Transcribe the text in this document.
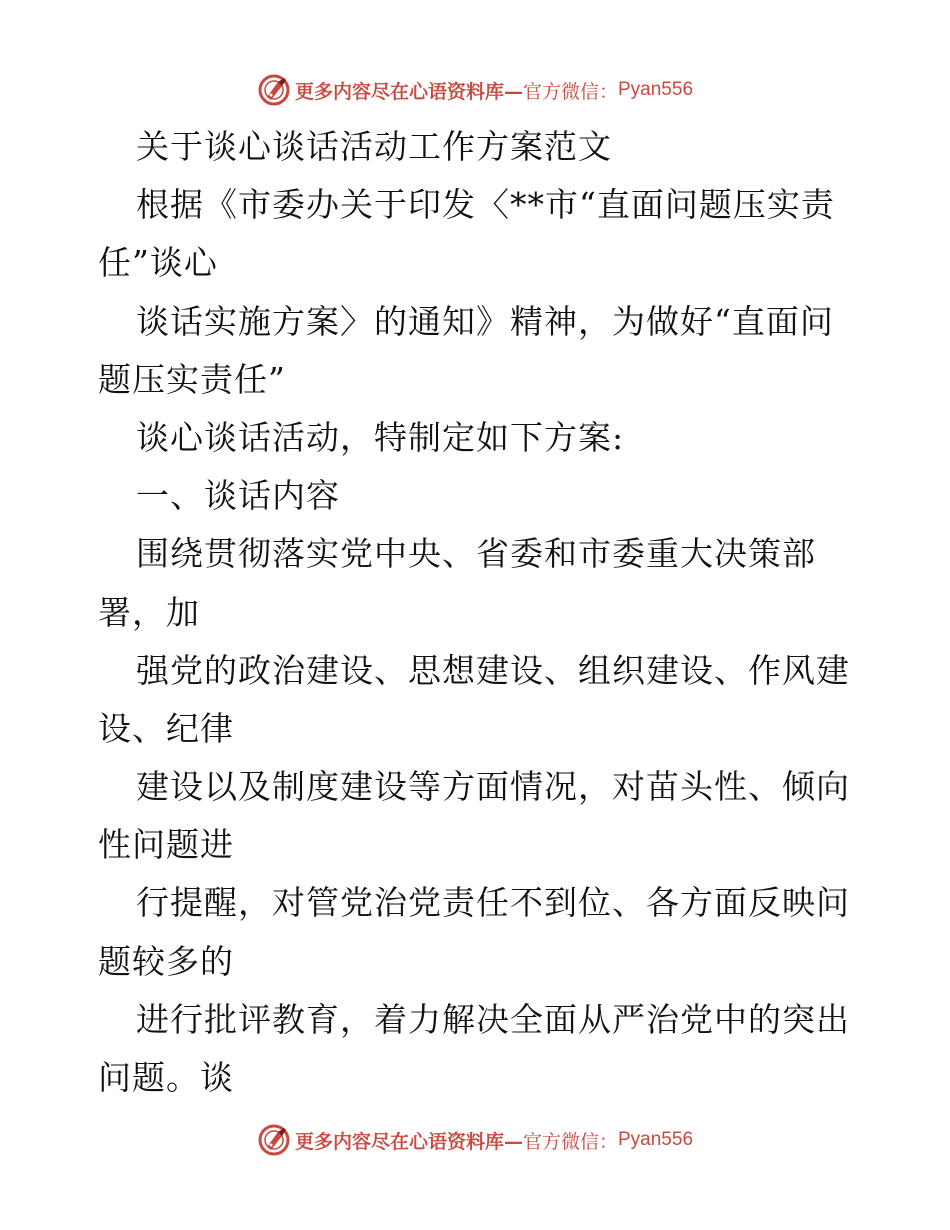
更多内容尽在心语资料库— 官方微信： Pyan556
关于谈心谈话活动工作方案范文
根据《市委办关于印发〈**市“直面问题压实责
任”谈心
谈话实施方案〉的通知》精神，为做好“直面问
题压实责任”
谈心谈话活动，特制定如下方案:
一、谈话内容
围绕贯彻落实党中央、省委和市委重大决策部
署，加
强党的政治建设、思想建设、组织建设、作风建
设、纪律
建设以及制度建设等方面情况，对苗头性、倾向
性问题进
行提醒，对管党治党责任不到位、各方面反映问
题较多的
进行批评教育，着力解决全面从严治党中的突出
问题。谈
更多内容尽在心语资料库— 官方微信： Pyan556
